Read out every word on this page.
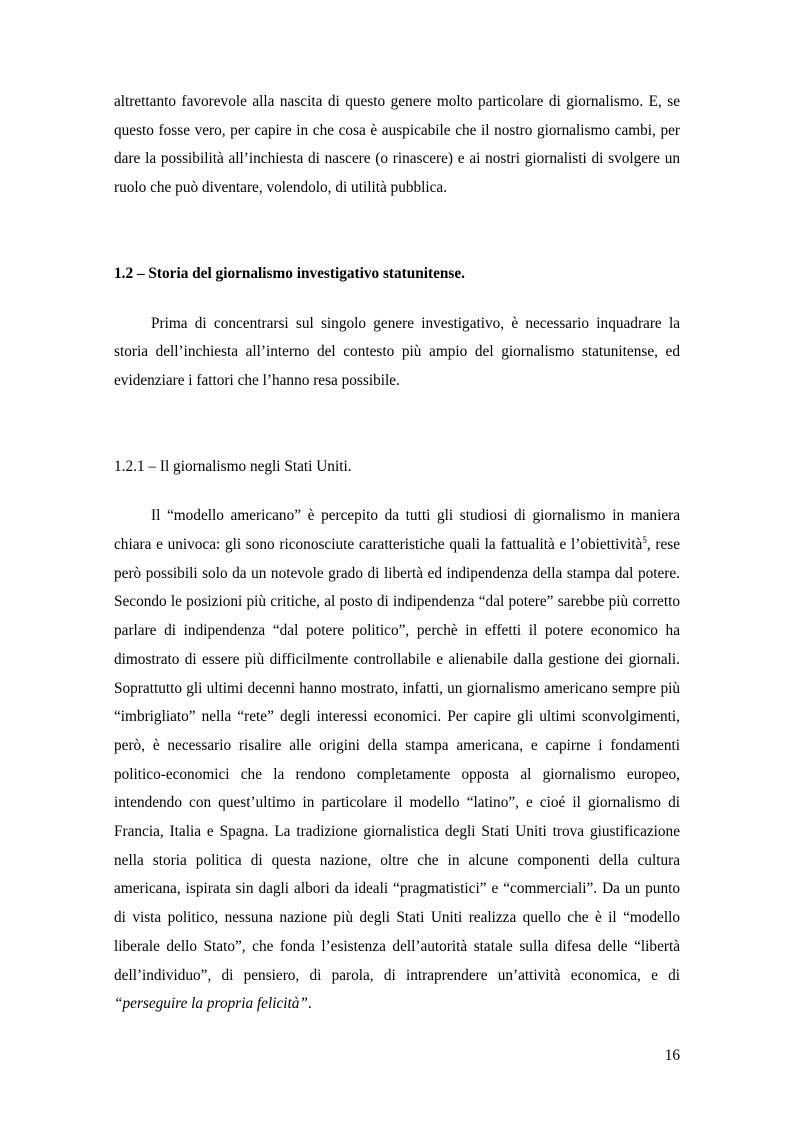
altrettanto favorevole alla nascita di questo genere molto particolare di giornalismo. E, se questo fosse vero, per capire in che cosa è auspicabile che il nostro giornalismo cambi, per dare la possibilità all’inchiesta di nascere (o rinascere) e ai nostri giornalisti di svolgere un ruolo che può diventare, volendolo, di utilità pubblica.

1.2 – Storia del giornalismo investigativo statunitense.

Prima di concentrarsi sul singolo genere investigativo, è necessario inquadrare la storia dell’inchiesta all’interno del contesto più ampio del giornalismo statunitense, ed evidenziare i fattori che l’hanno resa possibile.

1.2.1 – Il giornalismo negli Stati Uniti.

Il “modello americano” è percepito da tutti gli studiosi di giornalismo in maniera chiara e univoca: gli sono riconosciute caratteristiche quali la fattualità e l’obiettività$^5$, rese però possibili solo da un notevole grado di libertà ed indipendenza della stampa dal potere. Secondo le posizioni più critiche, al posto di indipendenza “dal potere” sarebbe più corretto parlare di indipendenza “dal potere politico”, perchè in effetti il potere economico ha dimostrato di essere più difficilmente controllabile e alienabile dalla gestione dei giornali. Soprattutto gli ultimi decenni hanno mostrato, infatti, un giornalismo americano sempre più “imbrigliato” nella “rete” degli interessi economici. Per capire gli ultimi sconvolgimenti, però, è necessario risalire alle origini della stampa americana, e capirne i fondamenti politico-economici che la rendono completamente opposta al giornalismo europeo, intendendo con quest’ultimo in particolare il modello “latino”, e cioé il giornalismo di Francia, Italia e Spagna. La tradizione giornalistica degli Stati Uniti trova giustificazione nella storia politica di questa nazione, oltre che in alcune componenti della cultura americana, ispirata sin dagli albori da ideali “pragmatistici” e “commerciali”. Da un punto di vista politico, nessuna nazione più degli Stati Uniti realizza quello che è il “modello liberale dello Stato”, che fonda l’esistenza dell’autorità statale sulla difesa delle “libertà dell’individuo”, di pensiero, di parola, di intraprendere un’attività economica, e di “perseguire la propria felicità”.

16
